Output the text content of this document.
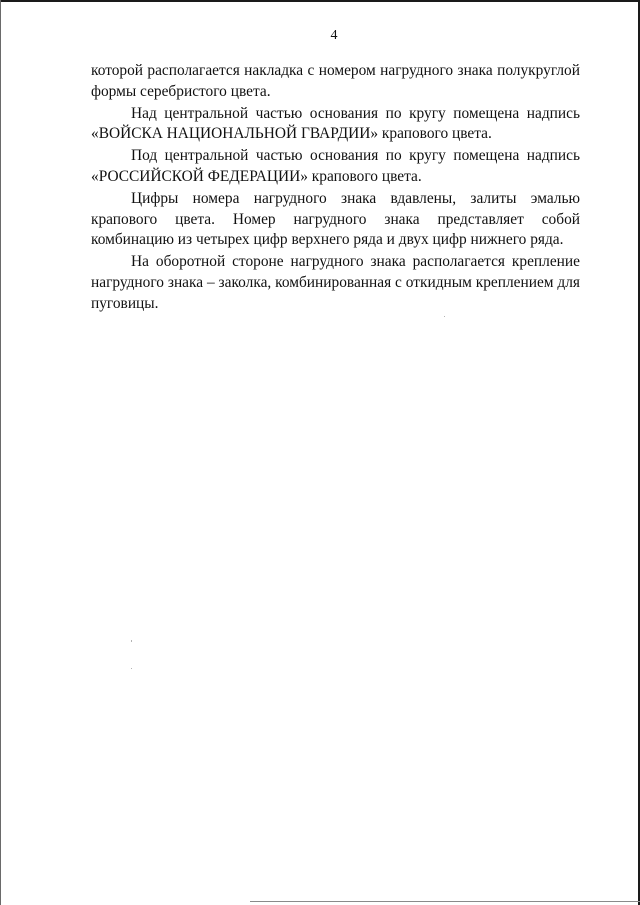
4

которой располагается накладка с номером нагрудного знака полукруглой формы серебристого цвета.

Над центральной частью основания по кругу помещена надпись «ВОЙСКА НАЦИОНАЛЬНОЙ ГВАРДИИ» крапового цвета.

Под центральной частью основания по кругу помещена надпись «РОССИЙСКОЙ ФЕДЕРАЦИИ» крапового цвета.

Цифры номера нагрудного знака вдавлены, залиты эмалью крапового цвета. Номер нагрудного знака представляет собой комбинацию из четырех цифр верхнего ряда и двух цифр нижнего ряда.

На оборотной стороне нагрудного знака располагается крепление нагрудного знака – заколка, комбинированная с откидным креплением для пуговицы.
